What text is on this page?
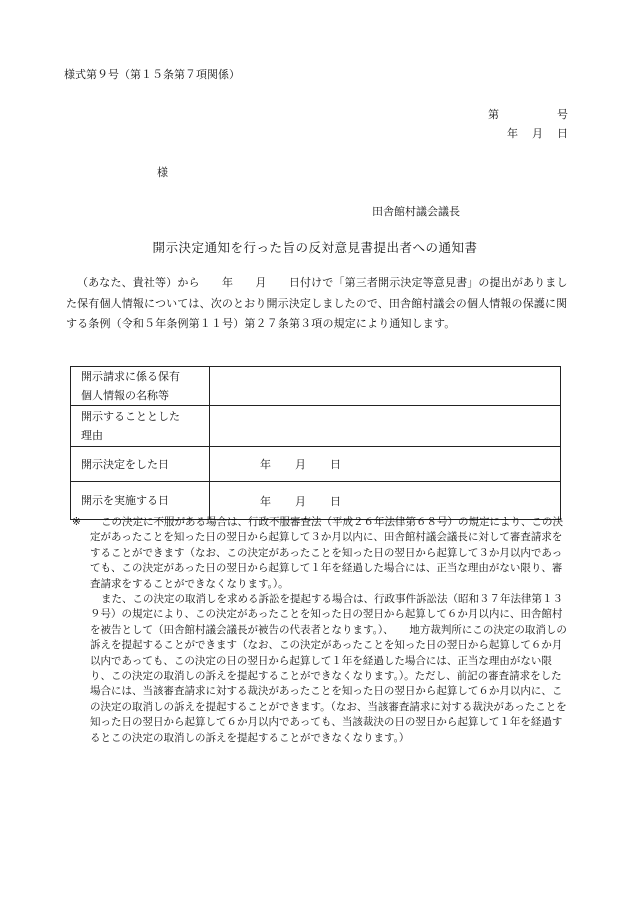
様式第９号（第１５条第７項関係）
第	号
年 月 日
様
田舎館村議会議長
開示決定通知を行った旨の反対意見書提出者への通知書

（あなた、貴社等）から　　年　　月　　日付けで「第三者開示決定等意見書」の提出がありました保有個人情報については、次のとおり開示決定しましたので、田舎館村議会の個人情報の保護に関する条例（令和５年条例第１１号）第２７条第３項の規定により通知します。

開示請求に係る保有
個人情報の名称等	

開示することとした
理由	

開示決定をした日	年 月 日

開示を実施する日	年 月 日
※	この決定に不服がある場合は、行政不服審査法（平成２６年法律第６８号）の規定により、この決定があったことを知った日の翌日から起算して３か月以内に、田舎館村議会議長に対して審査請求をすることができます（なお、この決定があったことを知った日の翌日から起算して３か月以内であっても、この決定があった日の翌日から起算して１年を経過した場合には、正当な理由がない限り、審査請求をすることができなくなります。）。

また、この決定の取消しを求める訴訟を提起する場合は、行政事件訴訟法（昭和３７年法律第１３９号）の規定により、この決定があったことを知った日の翌日から起算して６か月以内に、田舎館村を被告として（田舎館村議会議長が被告の代表者となります。）、　　地方裁判所にこの決定の取消しの訴えを提起することができます（なお、この決定があったことを知った日の翌日から起算して６か月以内であっても、この決定の日の翌日から起算して１年を経過した場合には、正当な理由がない限り、この決定の取消しの訴えを提起することができなくなります。）。ただし、前記の審査請求をした場合には、当該審査請求に対する裁決があったことを知った日の翌日から起算して６か月以内に、この決定の取消しの訴えを提起することができます。（なお、当該審査請求に対する裁決があったことを知った日の翌日から起算して６か月以内であっても、当該裁決の日の翌日から起算して１年を経過するとこの決定の取消しの訴えを提起することができなくなります。）
